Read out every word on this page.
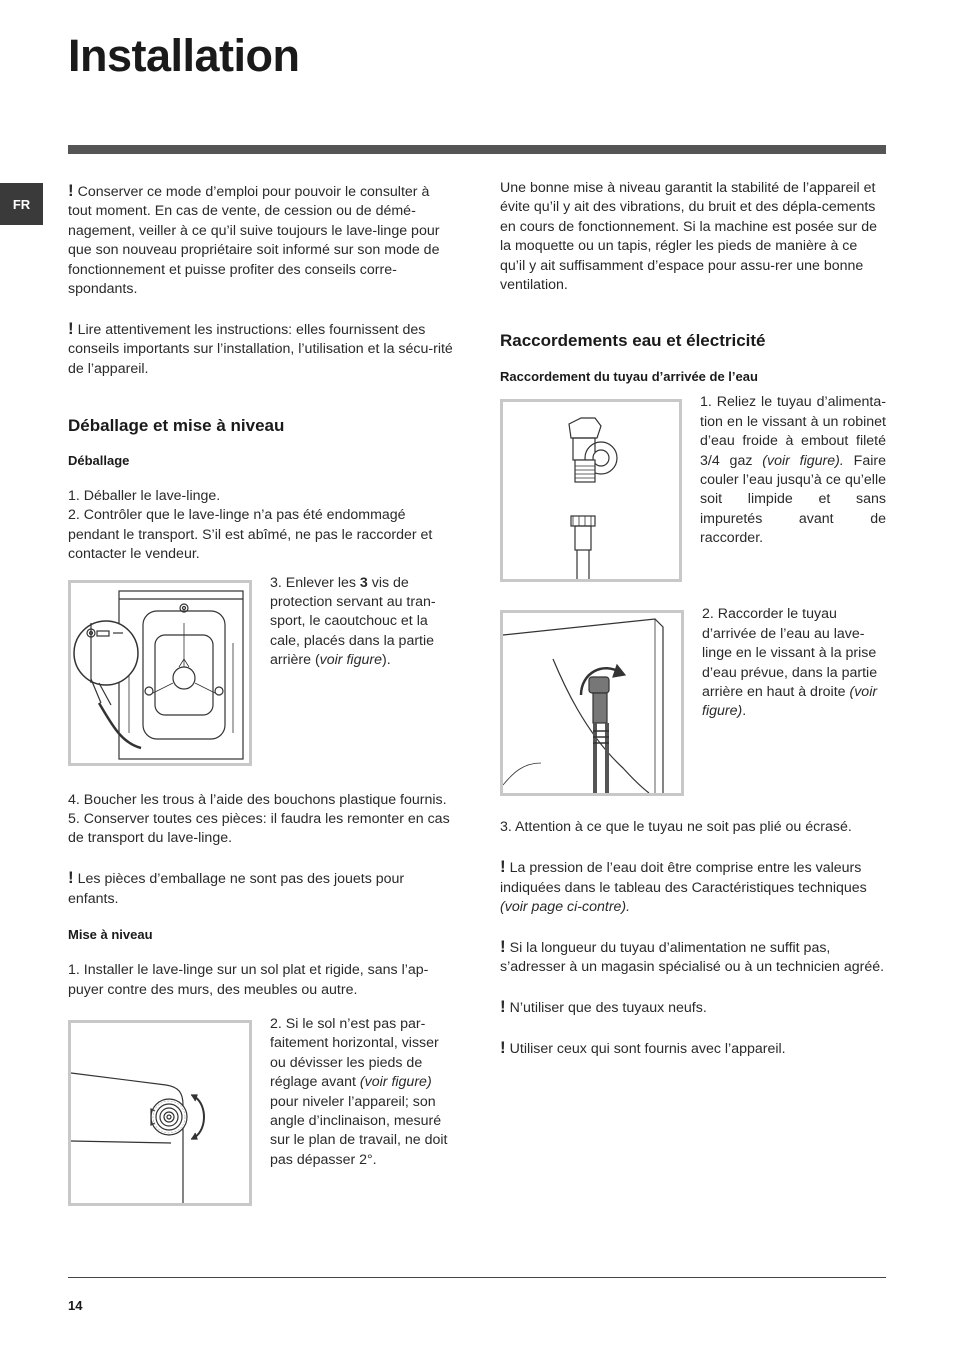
Installation
FR

! Conserver ce mode d’emploi pour pouvoir le consulter à tout moment. En cas de vente, de cession ou de démé-nagement, veiller à ce qu’il suive toujours le lave-linge pour que son nouveau propriétaire soit informé sur son mode de fonctionnement et puisse profiter des conseils corre-spondants.

! Lire attentivement les instructions: elles fournissent des conseils importants sur l’installation, l’utilisation et la sécu-rité de l’appareil.

Déballage et mise à niveau
Déballage

1. Déballer le lave-linge.

2. Contrôler que le lave-linge n’a pas été endommagé pendant le transport. S’il est abîmé, ne pas le raccorder et contacter le vendeur.

3. Enlever les 3 vis de protection servant au tran-sport, le caoutchouc et la cale, placés dans la partie arrière (voir figure).

4. Boucher les trous à l’aide des bouchons plastique fournis.

5. Conserver toutes ces pièces: il faudra les remonter en cas de transport du lave-linge.

! Les pièces d’emballage ne sont pas des jouets pour enfants.

Mise à niveau

1. Installer le lave-linge sur un sol plat et rigide, sans l’ap-puyer contre des murs, des meubles ou autre.

2. Si le sol n’est pas par-faitement horizontal, visser ou dévisser les pieds de réglage avant (voir figure) pour niveler l’appareil; son angle d’inclinaison, mesuré sur le plan de travail, ne doit pas dépasser 2°.

Une bonne mise à niveau garantit la stabilité de l’appareil et évite qu’il y ait des vibrations, du bruit et des dépla-cements en cours de fonctionnement. Si la machine est posée sur de la moquette ou un tapis, régler les pieds de manière à ce qu’il y ait suffisamment d’espace pour assu-rer une bonne ventilation.

Raccordements eau et électricité
Raccordement du tuyau d’arrivée de l’eau

1. Reliez le tuyau d’alimenta-tion en le vissant à un robinet d’eau froide à embout fileté 3/4 gaz (voir figure). Faire couler l’eau jusqu’à ce qu’elle soit limpide et sans impuretés avant de raccorder.

2. Raccorder le tuyau d’arrivée de l’eau au lave-linge en le vissant à la prise d’eau prévue, dans la partie arrière en haut à droite (voir figure).

3. Attention à ce que le tuyau ne soit pas plié ou écrasé.

! La pression de l’eau doit être comprise entre les valeurs indiquées dans le tableau des Caractéristiques techniques (voir page ci-contre).

! Si la longueur du tuyau d’alimentation ne suffit pas, s’adresser à un magasin spécialisé ou à un technicien agréé.

! N’utiliser que des tuyaux neufs.

! Utiliser ceux qui sont fournis avec l’appareil.

14
